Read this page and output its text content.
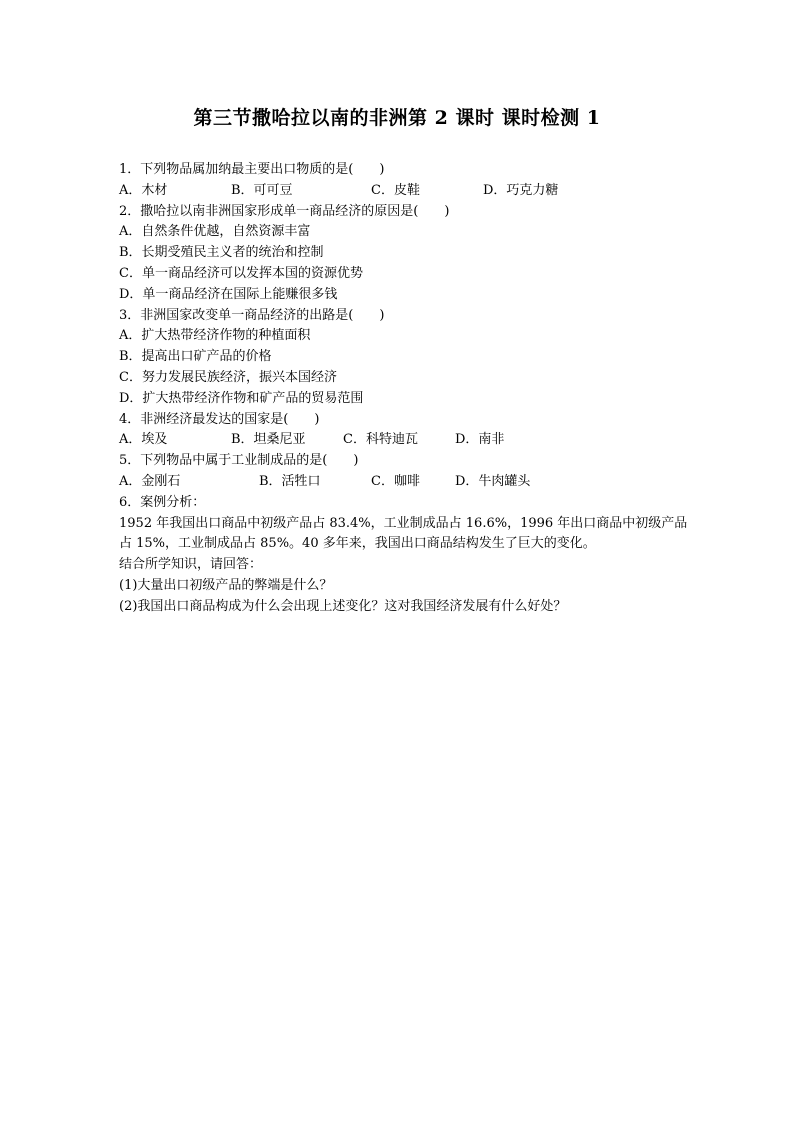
第三节撒哈拉以南的非洲第 2 课时 课时检测 1
1．下列物品属加纳最主要出口物质的是(　　)
A．木材	B．可可豆	C．皮鞋	D．巧克力糖
2．撒哈拉以南非洲国家形成单一商品经济的原因是(　　)
A．自然条件优越，自然资源丰富
B．长期受殖民主义者的统治和控制
C．单一商品经济可以发挥本国的资源优势
D．单一商品经济在国际上能赚很多钱
3．非洲国家改变单一商品经济的出路是(　　)
A．扩大热带经济作物的种植面积
B．提高出口矿产品的价格
C．努力发展民族经济，振兴本国经济
D．扩大热带经济作物和矿产品的贸易范围
4．非洲经济最发达的国家是(　　)
A．埃及	B．坦桑尼亚	C．科特迪瓦	D．南非
5．下列物品中属于工业制成品的是(　　)
A．金刚石	B．活牲口	C．咖啡	D．牛肉罐头
6．案例分析：
1952 年我国出口商品中初级产品占 83.4%，工业制成品占 16.6%，1996 年出口商品中初级产品占 15%，工业制成品占 85%。40 多年来，我国出口商品结构发生了巨大的变化。
结合所学知识，请回答：
(1)大量出口初级产品的弊端是什么？
(2)我国出口商品构成为什么会出现上述变化？这对我国经济发展有什么好处？
